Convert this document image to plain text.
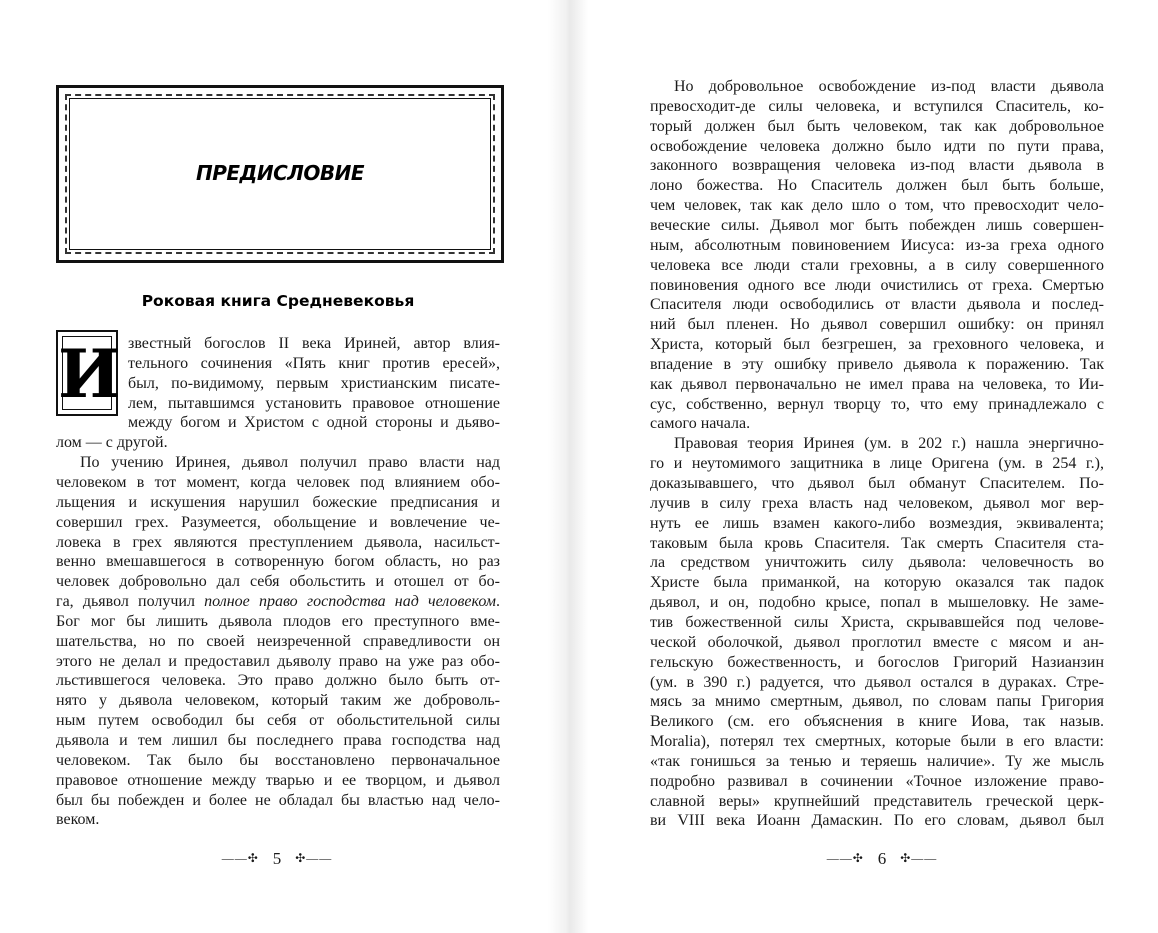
ПРЕДИСЛОВИЕ
Роковая книга Средневековья
И звестный богослов II века Ириней, автор влия-
тельного сочинения «Пять книг против ересей»,
был, по-видимому, первым христианским писате-
лем, пытавшимся установить правовое отношение
между богом и Христом с одной стороны и дьяво-
лом — с другой.
По учению Иринея, дьявол получил право власти над
человеком в тот момент, когда человек под влиянием обо-
льщения и искушения нарушил божеские предписания и
совершил грех. Разумеется, обольщение и вовлечение че-
ловека в грех являются преступлением дьявола, насильст-
венно вмешавшегося в сотворенную богом область, но раз
человек добровольно дал себя обольстить и отошел от бо-
га, дьявол получил полное право господства над человеком.
Бог мог бы лишить дьявола плодов его преступного вме-
шательства, но по своей неизреченной справедливости он
этого не делал и предоставил дьяволу право на уже раз обо-
льстившегося человека. Это право должно было быть от-
нято у дьявола человеком, который таким же доброволь-
ным путем освободил бы себя от обольстительной силы
дьявола и тем лишил бы последнего права господства над
человеком. Так было бы восстановлено первоначальное
правовое отношение между тварью и ее творцом, и дьявол
был бы побежден и более не обладал бы властью над чело-
веком.
Но добровольное освобождение из-под власти дьявола
превосходит-де силы человека, и вступился Спаситель, ко-
торый должен был быть человеком, так как добровольное
освобождение человека должно было идти по пути права,
законного возвращения человека из-под власти дьявола в
лоно божества. Но Спаситель должен был быть больше,
чем человек, так как дело шло о том, что превосходит чело-
веческие силы. Дьявол мог быть побежден лишь совершен-
ным, абсолютным повиновением Иисуса: из-за греха одного
человека все люди стали греховны, а в силу совершенного
повиновения одного все люди очистились от греха. Смертью
Спасителя люди освободились от власти дьявола и послед-
ний был пленен. Но дьявол совершил ошибку: он принял
Христа, который был безгрешен, за греховного человека, и
впадение в эту ошибку привело дьявола к поражению. Так
как дьявол первоначально не имел права на человека, то Ии-
сус, собственно, вернул творцу то, что ему принадлежало с
самого начала.
Правовая теория Иринея (ум. в 202 г.) нашла энергично-
го и неутомимого защитника в лице Оригена (ум. в 254 г.),
доказывавшего, что дьявол был обманут Спасителем. По-
лучив в силу греха власть над человеком, дьявол мог вер-
нуть ее лишь взамен какого-либо возмездия, эквивалента;
таковым была кровь Спасителя. Так смерть Спасителя ста-
ла средством уничтожить силу дьявола: человечность во
Христе была приманкой, на которую оказался так падок
дьявол, и он, подобно крысе, попал в мышеловку. Не заме-
тив божественной силы Христа, скрывавшейся под челове-
ческой оболочкой, дьявол проглотил вместе с мясом и ан-
гельскую божественность, и богослов Григорий Назианзин
(ум. в 390 г.) радуется, что дьявол остался в дураках. Стре-
мясь за мнимо смертным, дьявол, по словам папы Григория
Великого (см. его объяснения в книге Иова, так назыв.
Moralia), потерял тех смертных, которые были в его власти:
«так гонишься за тенью и теряешь наличие». Ту же мысль
подробно развивал в сочинении «Точное изложение право-
славной веры» крупнейший представитель греческой церк-
ви VIII века Иоанн Дамаскин. По его словам, дьявол был
——✣ 5 ✣——	——✣ 6 ✣——
